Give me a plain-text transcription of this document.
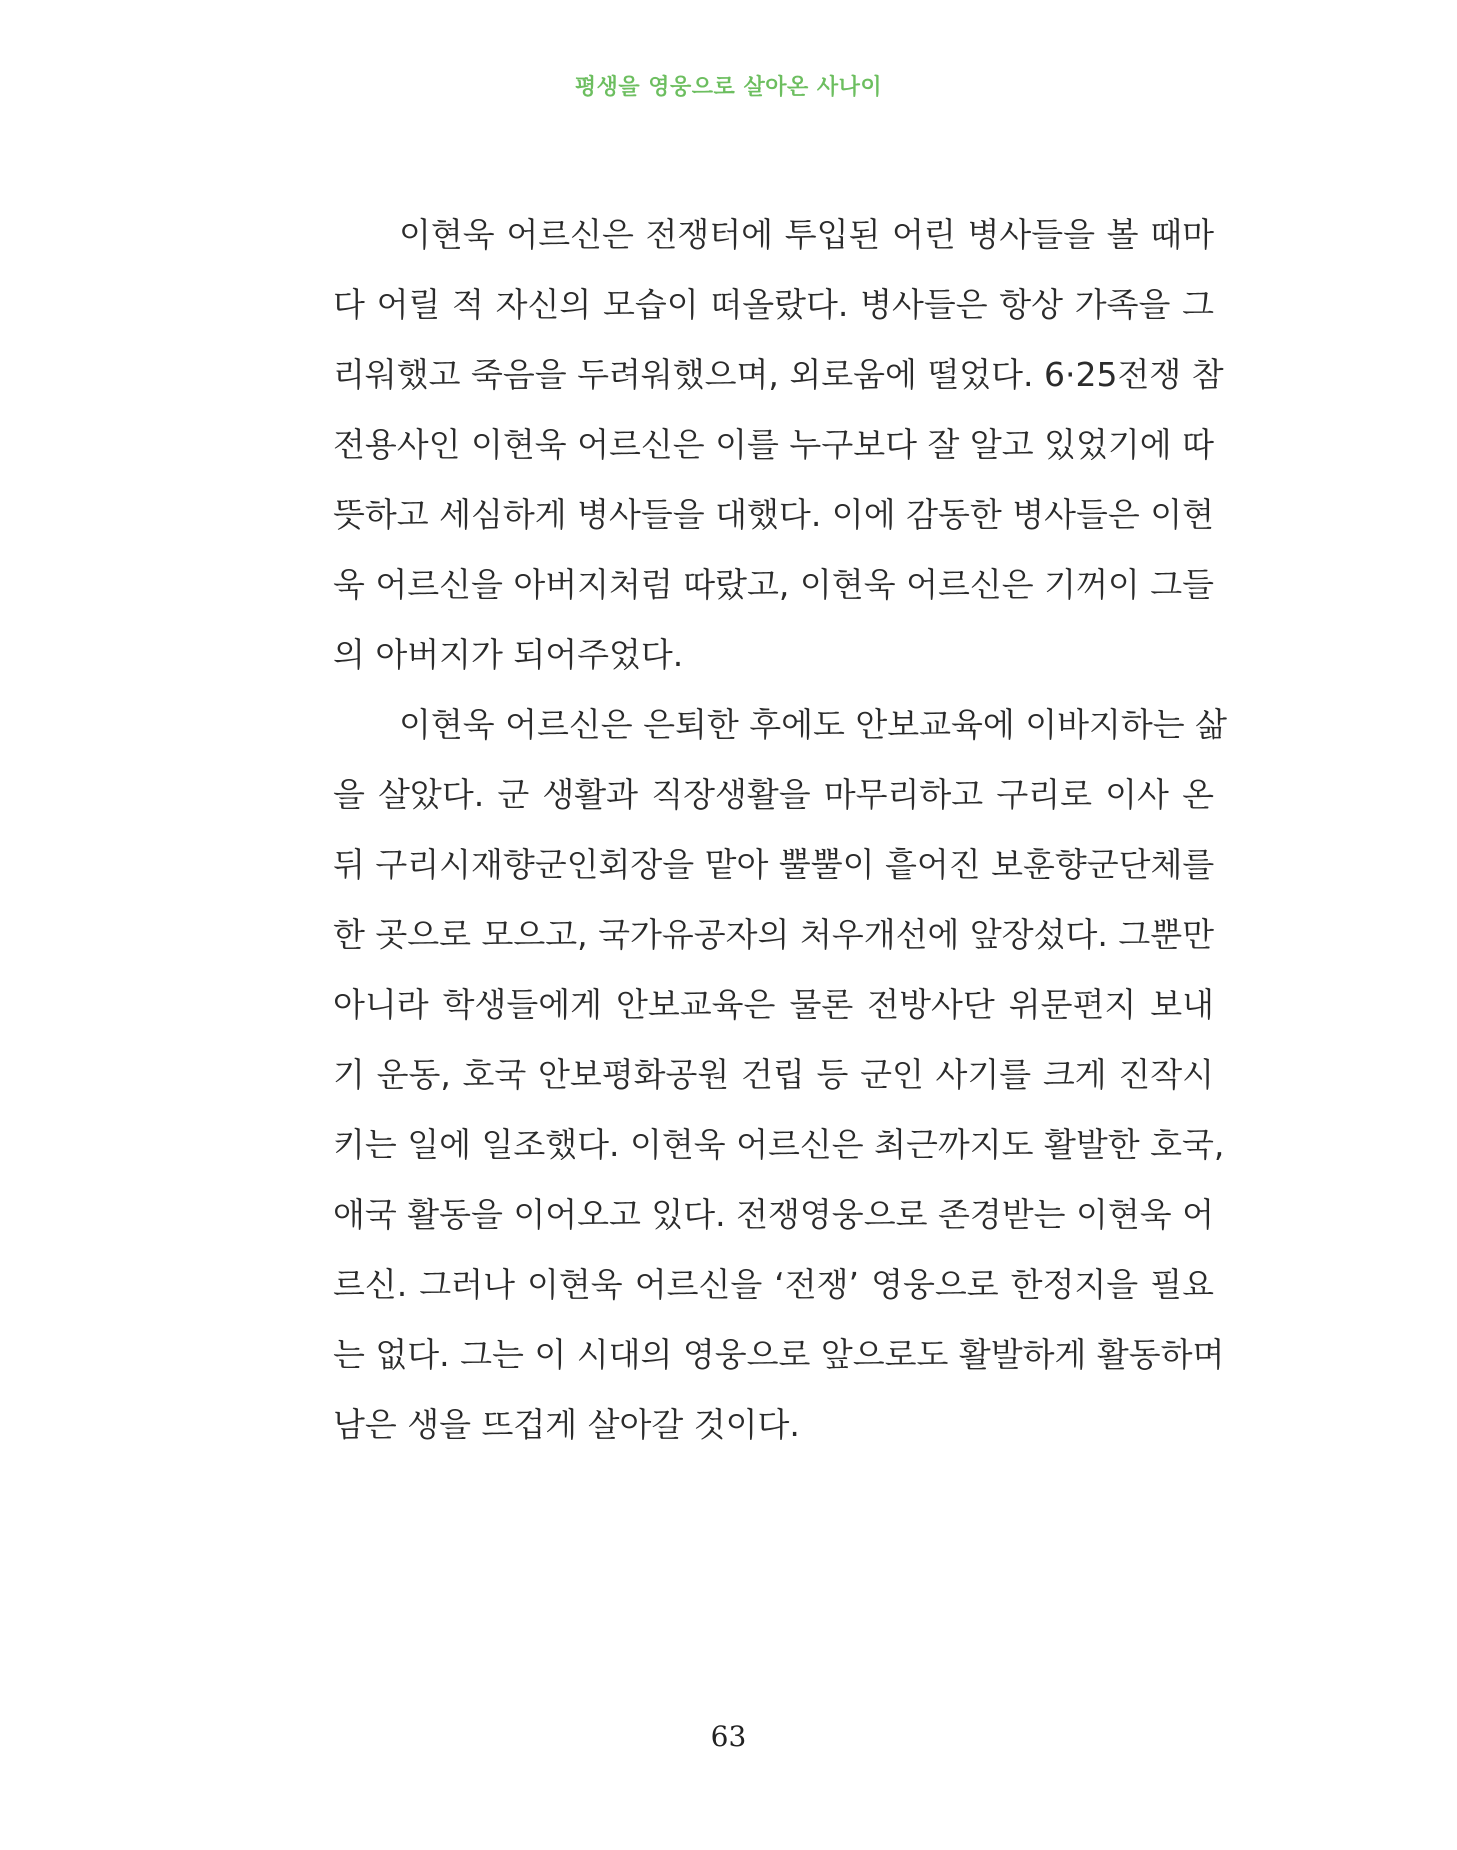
평생을 영웅으로 살아온 사나이
이현욱 어르신은 전쟁터에 투입된 어린 병사들을 볼 때마
다 어릴 적 자신의 모습이 떠올랐다. 병사들은 항상 가족을 그
리워했고 죽음을 두려워했으며, 외로움에 떨었다. 6·25전쟁 참
전용사인 이현욱 어르신은 이를 누구보다 잘 알고 있었기에 따
뜻하고 세심하게 병사들을 대했다. 이에 감동한 병사들은 이현
욱 어르신을 아버지처럼 따랐고, 이현욱 어르신은 기꺼이 그들
의 아버지가 되어주었다.
이현욱 어르신은 은퇴한 후에도 안보교육에 이바지하는 삶
을 살았다. 군 생활과 직장생활을 마무리하고 구리로 이사 온
뒤 구리시재향군인회장을 맡아 뿔뿔이 흩어진 보훈향군단체를
한 곳으로 모으고, 국가유공자의 처우개선에 앞장섰다. 그뿐만
아니라 학생들에게 안보교육은 물론 전방사단 위문편지 보내
기 운동, 호국 안보평화공원 건립 등 군인 사기를 크게 진작시
키는 일에 일조했다. 이현욱 어르신은 최근까지도 활발한 호국,
애국 활동을 이어오고 있다. 전쟁영웅으로 존경받는 이현욱 어
르신. 그러나 이현욱 어르신을 ‘전쟁’ 영웅으로 한정지을 필요
는 없다. 그는 이 시대의 영웅으로 앞으로도 활발하게 활동하며
남은 생을 뜨겁게 살아갈 것이다.
63
